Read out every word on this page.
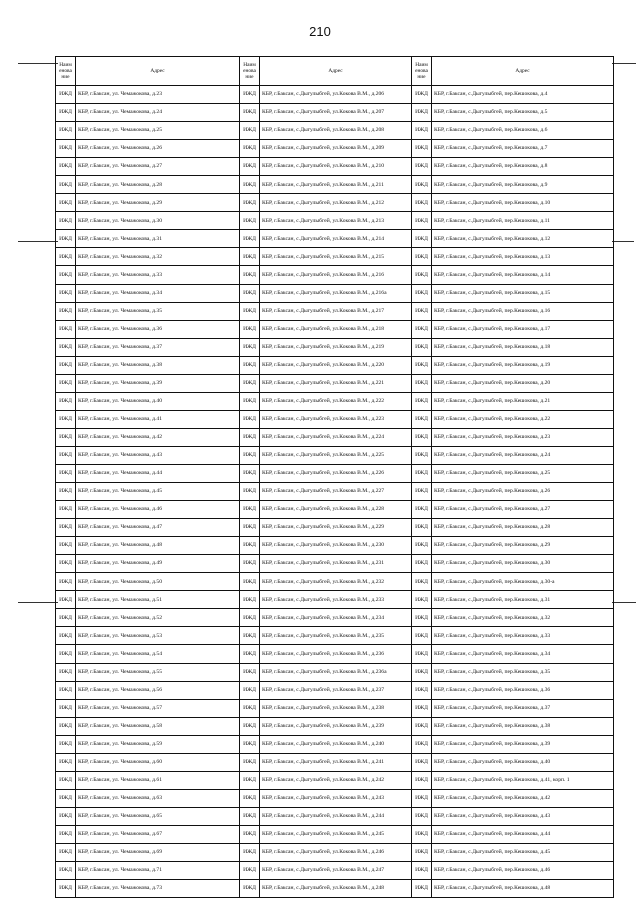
210
Наим енова ние	Адрес	Наим енова ние	Адрес	Наим енова ние	Адрес
ИЖД	КБР, г.Баксан, ул. Чемажокова, д.23	ИЖД	КБР, г.Баксан, с.Дыгулыбгей, ул.Кокова В.М., д.206	ИЖД	КБР, г.Баксан, с.Дыгулыбгей, пер.Кешокова, д.4
ИЖД	КБР, г.Баксан, ул. Чемажокова, д.24	ИЖД	КБР, г.Баксан, с.Дыгулыбгей, ул.Кокова В.М., д.207	ИЖД	КБР, г.Баксан, с.Дыгулыбгей, пер.Кешокова, д.5
ИЖД	КБР, г.Баксан, ул. Чемажокова, д.25	ИЖД	КБР, г.Баксан, с.Дыгулыбгей, ул.Кокова В.М., д.208	ИЖД	КБР, г.Баксан, с.Дыгулыбгей, пер.Кешокова, д.6
ИЖД	КБР, г.Баксан, ул. Чемажокова, д.26	ИЖД	КБР, г.Баксан, с.Дыгулыбгей, ул.Кокова В.М., д.209	ИЖД	КБР, г.Баксан, с.Дыгулыбгей, пер.Кешокова, д.7
ИЖД	КБР, г.Баксан, ул. Чемажокова, д.27	ИЖД	КБР, г.Баксан, с.Дыгулыбгей, ул.Кокова В.М., д.210	ИЖД	КБР, г.Баксан, с.Дыгулыбгей, пер.Кешокова, д.8
ИЖД	КБР, г.Баксан, ул. Чемажокова, д.28	ИЖД	КБР, г.Баксан, с.Дыгулыбгей, ул.Кокова В.М., д.211	ИЖД	КБР, г.Баксан, с.Дыгулыбгей, пер.Кешокова, д.9
ИЖД	КБР, г.Баксан, ул. Чемажокова, д.29	ИЖД	КБР, г.Баксан, с.Дыгулыбгей, ул.Кокова В.М., д.212	ИЖД	КБР, г.Баксан, с.Дыгулыбгей, пер.Кешокова, д.10
ИЖД	КБР, г.Баксан, ул. Чемажокова, д.30	ИЖД	КБР, г.Баксан, с.Дыгулыбгей, ул.Кокова В.М., д.213	ИЖД	КБР, г.Баксан, с.Дыгулыбгей, пер.Кешокова, д.11
ИЖД	КБР, г.Баксан, ул. Чемажокова, д.31	ИЖД	КБР, г.Баксан, с.Дыгулыбгей, ул.Кокова В.М., д.214	ИЖД	КБР, г.Баксан, с.Дыгулыбгей, пер.Кешокова, д.12
ИЖД	КБР, г.Баксан, ул. Чемажокова, д.32	ИЖД	КБР, г.Баксан, с.Дыгулыбгей, ул.Кокова В.М., д.215	ИЖД	КБР, г.Баксан, с.Дыгулыбгей, пер.Кешокова, д.13
ИЖД	КБР, г.Баксан, ул. Чемажокова, д.33	ИЖД	КБР, г.Баксан, с.Дыгулыбгей, ул.Кокова В.М., д.216	ИЖД	КБР, г.Баксан, с.Дыгулыбгей, пер.Кешокова, д.14
ИЖД	КБР, г.Баксан, ул. Чемажокова, д.34	ИЖД	КБР, г.Баксан, с.Дыгулыбгей, ул.Кокова В.М., д.216а	ИЖД	КБР, г.Баксан, с.Дыгулыбгей, пер.Кешокова, д.15
ИЖД	КБР, г.Баксан, ул. Чемажокова, д.35	ИЖД	КБР, г.Баксан, с.Дыгулыбгей, ул.Кокова В.М., д.217	ИЖД	КБР, г.Баксан, с.Дыгулыбгей, пер.Кешокова, д.16
ИЖД	КБР, г.Баксан, ул. Чемажокова, д.36	ИЖД	КБР, г.Баксан, с.Дыгулыбгей, ул.Кокова В.М., д.218	ИЖД	КБР, г.Баксан, с.Дыгулыбгей, пер.Кешокова, д.17
ИЖД	КБР, г.Баксан, ул. Чемажокова, д.37	ИЖД	КБР, г.Баксан, с.Дыгулыбгей, ул.Кокова В.М., д.219	ИЖД	КБР, г.Баксан, с.Дыгулыбгей, пер.Кешокова, д.18
ИЖД	КБР, г.Баксан, ул. Чемажокова, д.38	ИЖД	КБР, г.Баксан, с.Дыгулыбгей, ул.Кокова В.М., д.220	ИЖД	КБР, г.Баксан, с.Дыгулыбгей, пер.Кешокова, д.19
ИЖД	КБР, г.Баксан, ул. Чемажокова, д.39	ИЖД	КБР, г.Баксан, с.Дыгулыбгей, ул.Кокова В.М., д.221	ИЖД	КБР, г.Баксан, с.Дыгулыбгей, пер.Кешокова, д.20
ИЖД	КБР, г.Баксан, ул. Чемажокова, д.40	ИЖД	КБР, г.Баксан, с.Дыгулыбгей, ул.Кокова В.М., д.222	ИЖД	КБР, г.Баксан, с.Дыгулыбгей, пер.Кешокова, д.21
ИЖД	КБР, г.Баксан, ул. Чемажокова, д.41	ИЖД	КБР, г.Баксан, с.Дыгулыбгей, ул.Кокова В.М., д.223	ИЖД	КБР, г.Баксан, с.Дыгулыбгей, пер.Кешокова, д.22
ИЖД	КБР, г.Баксан, ул. Чемажокова, д.42	ИЖД	КБР, г.Баксан, с.Дыгулыбгей, ул.Кокова В.М., д.224	ИЖД	КБР, г.Баксан, с.Дыгулыбгей, пер.Кешокова, д.23
ИЖД	КБР, г.Баксан, ул. Чемажокова, д.43	ИЖД	КБР, г.Баксан, с.Дыгулыбгей, ул.Кокова В.М., д.225	ИЖД	КБР, г.Баксан, с.Дыгулыбгей, пер.Кешокова, д.24
ИЖД	КБР, г.Баксан, ул. Чемажокова, д.44	ИЖД	КБР, г.Баксан, с.Дыгулыбгей, ул.Кокова В.М., д.226	ИЖД	КБР, г.Баксан, с.Дыгулыбгей, пер.Кешокова, д.25
ИЖД	КБР, г.Баксан, ул. Чемажокова, д.45	ИЖД	КБР, г.Баксан, с.Дыгулыбгей, ул.Кокова В.М., д.227	ИЖД	КБР, г.Баксан, с.Дыгулыбгей, пер.Кешокова, д.26
ИЖД	КБР, г.Баксан, ул. Чемажокова, д.46	ИЖД	КБР, г.Баксан, с.Дыгулыбгей, ул.Кокова В.М., д.228	ИЖД	КБР, г.Баксан, с.Дыгулыбгей, пер.Кешокова, д.27
ИЖД	КБР, г.Баксан, ул. Чемажокова, д.47	ИЖД	КБР, г.Баксан, с.Дыгулыбгей, ул.Кокова В.М., д.229	ИЖД	КБР, г.Баксан, с.Дыгулыбгей, пер.Кешокова, д.28
ИЖД	КБР, г.Баксан, ул. Чемажокова, д.48	ИЖД	КБР, г.Баксан, с.Дыгулыбгей, ул.Кокова В.М., д.230	ИЖД	КБР, г.Баксан, с.Дыгулыбгей, пер.Кешокова, д.29
ИЖД	КБР, г.Баксан, ул. Чемажокова, д.49	ИЖД	КБР, г.Баксан, с.Дыгулыбгей, ул.Кокова В.М., д.231	ИЖД	КБР, г.Баксан, с.Дыгулыбгей, пер.Кешокова, д.30
ИЖД	КБР, г.Баксан, ул. Чемажокова, д.50	ИЖД	КБР, г.Баксан, с.Дыгулыбгей, ул.Кокова В.М., д.232	ИЖД	КБР, г.Баксан, с.Дыгулыбгей, пер.Кешокова, д.30-а
ИЖД	КБР, г.Баксан, ул. Чемажокова, д.51	ИЖД	КБР, г.Баксан, с.Дыгулыбгей, ул.Кокова В.М., д.233	ИЖД	КБР, г.Баксан, с.Дыгулыбгей, пер.Кешокова, д.31
ИЖД	КБР, г.Баксан, ул. Чемажокова, д.52	ИЖД	КБР, г.Баксан, с.Дыгулыбгей, ул.Кокова В.М., д.234	ИЖД	КБР, г.Баксан, с.Дыгулыбгей, пер.Кешокова, д.32
ИЖД	КБР, г.Баксан, ул. Чемажокова, д.53	ИЖД	КБР, г.Баксан, с.Дыгулыбгей, ул.Кокова В.М., д.235	ИЖД	КБР, г.Баксан, с.Дыгулыбгей, пер.Кешокова, д.33
ИЖД	КБР, г.Баксан, ул. Чемажокова, д.54	ИЖД	КБР, г.Баксан, с.Дыгулыбгей, ул.Кокова В.М., д.236	ИЖД	КБР, г.Баксан, с.Дыгулыбгей, пер.Кешокова, д.34
ИЖД	КБР, г.Баксан, ул. Чемажокова, д.55	ИЖД	КБР, г.Баксан, с.Дыгулыбгей, ул.Кокова В.М., д.236а	ИЖД	КБР, г.Баксан, с.Дыгулыбгей, пер.Кешокова, д.35
ИЖД	КБР, г.Баксан, ул. Чемажокова, д.56	ИЖД	КБР, г.Баксан, с.Дыгулыбгей, ул.Кокова В.М., д.237	ИЖД	КБР, г.Баксан, с.Дыгулыбгей, пер.Кешокова, д.36
ИЖД	КБР, г.Баксан, ул. Чемажокова, д.57	ИЖД	КБР, г.Баксан, с.Дыгулыбгей, ул.Кокова В.М., д.238	ИЖД	КБР, г.Баксан, с.Дыгулыбгей, пер.Кешокова, д.37
ИЖД	КБР, г.Баксан, ул. Чемажокова, д.58	ИЖД	КБР, г.Баксан, с.Дыгулыбгей, ул.Кокова В.М., д.239	ИЖД	КБР, г.Баксан, с.Дыгулыбгей, пер.Кешокова, д.38
ИЖД	КБР, г.Баксан, ул. Чемажокова, д.59	ИЖД	КБР, г.Баксан, с.Дыгулыбгей, ул.Кокова В.М., д.240	ИЖД	КБР, г.Баксан, с.Дыгулыбгей, пер.Кешокова, д.39
ИЖД	КБР, г.Баксан, ул. Чемажокова, д.60	ИЖД	КБР, г.Баксан, с.Дыгулыбгей, ул.Кокова В.М., д.241	ИЖД	КБР, г.Баксан, с.Дыгулыбгей, пер.Кешокова, д.40
ИЖД	КБР, г.Баксан, ул. Чемажокова, д.61	ИЖД	КБР, г.Баксан, с.Дыгулыбгей, ул.Кокова В.М., д.242	ИЖД	КБР, г.Баксан, с.Дыгулыбгей, пер.Кешокова, д.41, корп. 1
ИЖД	КБР, г.Баксан, ул. Чемажокова, д.63	ИЖД	КБР, г.Баксан, с.Дыгулыбгей, ул.Кокова В.М., д.243	ИЖД	КБР, г.Баксан, с.Дыгулыбгей, пер.Кешокова, д.42
ИЖД	КБР, г.Баксан, ул. Чемажокова, д.65	ИЖД	КБР, г.Баксан, с.Дыгулыбгей, ул.Кокова В.М., д.244	ИЖД	КБР, г.Баксан, с.Дыгулыбгей, пер.Кешокова, д.43
ИЖД	КБР, г.Баксан, ул. Чемажокова, д.67	ИЖД	КБР, г.Баксан, с.Дыгулыбгей, ул.Кокова В.М., д.245	ИЖД	КБР, г.Баксан, с.Дыгулыбгей, пер.Кешокова, д.44
ИЖД	КБР, г.Баксан, ул. Чемажокова, д.69	ИЖД	КБР, г.Баксан, с.Дыгулыбгей, ул.Кокова В.М., д.246	ИЖД	КБР, г.Баксан, с.Дыгулыбгей, пер.Кешокова, д.45
ИЖД	КБР, г.Баксан, ул. Чемажокова, д.71	ИЖД	КБР, г.Баксан, с.Дыгулыбгей, ул.Кокова В.М., д.247	ИЖД	КБР, г.Баксан, с.Дыгулыбгей, пер.Кешокова, д.46
ИЖД	КБР, г.Баксан, ул. Чемажокова, д.73	ИЖД	КБР, г.Баксан, с.Дыгулыбгей, ул.Кокова В.М., д.248	ИЖД	КБР, г.Баксан, с.Дыгулыбгей, пер.Кешокова, д.48
